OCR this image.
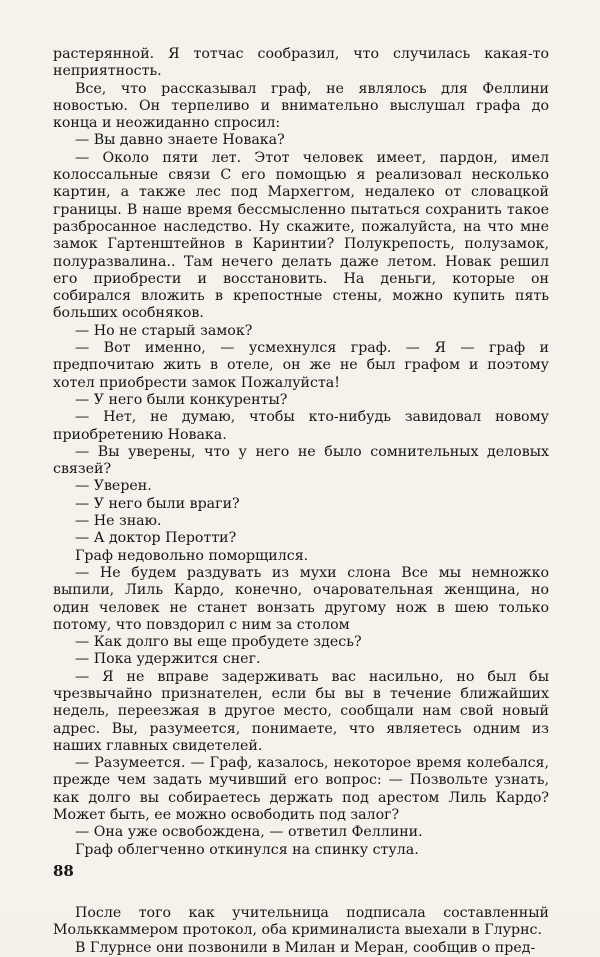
растерянной. Я тотчас сообразил, что случилась какая-то неприятность.

Все, что рассказывал граф, не являлось для Феллини новостью. Он терпеливо и внимательно выслушал графа до конца и неожиданно спросил:

— Вы давно знаете Новака?

— Около пяти лет. Этот человек имеет, пардон, имел колоссальные связи С его помощью я реализовал несколько картин, а также лес под Мархеггом, недалеко от словацкой границы. В наше время бессмысленно пытаться сохранить такое разбросанное наследство. Ну скажите, пожалуйста, на что мне замок Гартенштейнов в Каринтии? Полукрепость, полузамок, полуразвалина.. Там нечего делать даже летом. Новак решил его приобрести и восстановить. На деньги, которые он собирался вложить в крепостные стены, можно купить пять больших особняков.

— Но не старый замок?

— Вот именно, — усмехнулся граф. — Я — граф и предпочитаю жить в отеле, он же не был графом и поэтому хотел приобрести замок Пожалуйста!

— У него были конкуренты?

— Нет, не думаю, чтобы кто-нибудь завидовал новому приобретению Новака.

— Вы уверены, что у него не было сомнительных деловых связей?

— Уверен.

— У него были враги?

— Не знаю.

— А доктор Перотти?

Граф недовольно поморщился.

— Не будем раздувать из мухи слона Все мы немножко выпили, Лиль Кардо, конечно, очаровательная женщина, но один человек не станет вонзать другому нож в шею только потому, что повздорил с ним за столом

— Как долго вы еще пробудете здесь?

— Пока удержится снег.

— Я не вправе задерживать вас насильно, но был бы чрезвычайно признателен, если бы вы в течение ближайших недель, переезжая в другое место, сообщали нам свой новый адрес. Вы, разумеется, понимаете, что являетесь одним из наших главных свидетелей.

— Разумеется. — Граф, казалось, некоторое время колебался, прежде чем задать мучивший его вопрос: — Позвольте узнать, как долго вы собираетесь держать под арестом Лиль Кардо? Может быть, ее можно освободить под залог?

— Она уже освобождена, — ответил Феллини.

Граф облегченно откинулся на спинку стула.

После того как учительница подписала составленный Мольккаммером протокол, оба криминалиста выехали в Глурнс.

В Глурнсе они позвонили в Милан и Меран, сообщив о пред-

88
